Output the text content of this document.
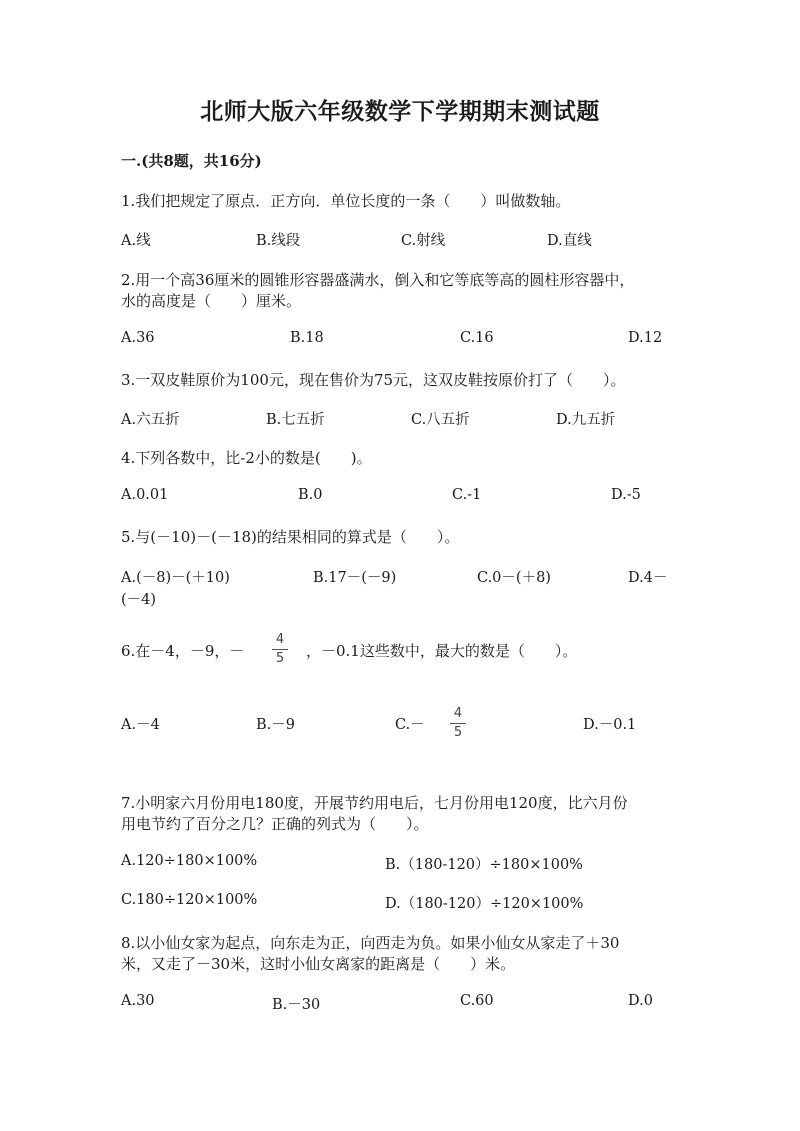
北师大版六年级数学下学期期末测试题
一.(共8题，共16分)
1.我们把规定了原点．正方向．单位长度的一条（　　）叫做数轴。
A.线	B.线段	C.射线	D.直线
2.用一个高36厘米的圆锥形容器盛满水，倒入和它等底等高的圆柱形容器中，
水的高度是（　　）厘米。
A.36	B.18	C.16	D.12
3.一双皮鞋原价为100元，现在售价为75元，这双皮鞋按原价打了（　　）。
A.六五折	B.七五折	C.八五折	D.九五折
4.下列各数中，比-2小的数是(　　)。
A.0.01	B.0	C.-1	D.-5
5.与(－10)－(－18)的结果相同的算式是（　　）。
A.(－8)－(＋10)	B.17－(－9)	C.0－(＋8)	D.4－
(－4)
6.在－4，－9，－
4
5	，－0.1这些数中，最大的数是（　　）。
A.－4	B.－9	C.－
4
5	D.－0.1
7.小明家六月份用电180度，开展节约用电后，七月份用电120度，比六月份
用电节约了百分之几？正确的列式为（　　）。
A.120÷180×100%	B.（180-120）÷180×100%
C.180÷120×100%	D.（180-120）÷120×100%
8.以小仙女家为起点，向东走为正，向西走为负。如果小仙女从家走了＋30
米，又走了－30米，这时小仙女离家的距离是（　　）米。
A.30	B.－30	C.60	D.0
